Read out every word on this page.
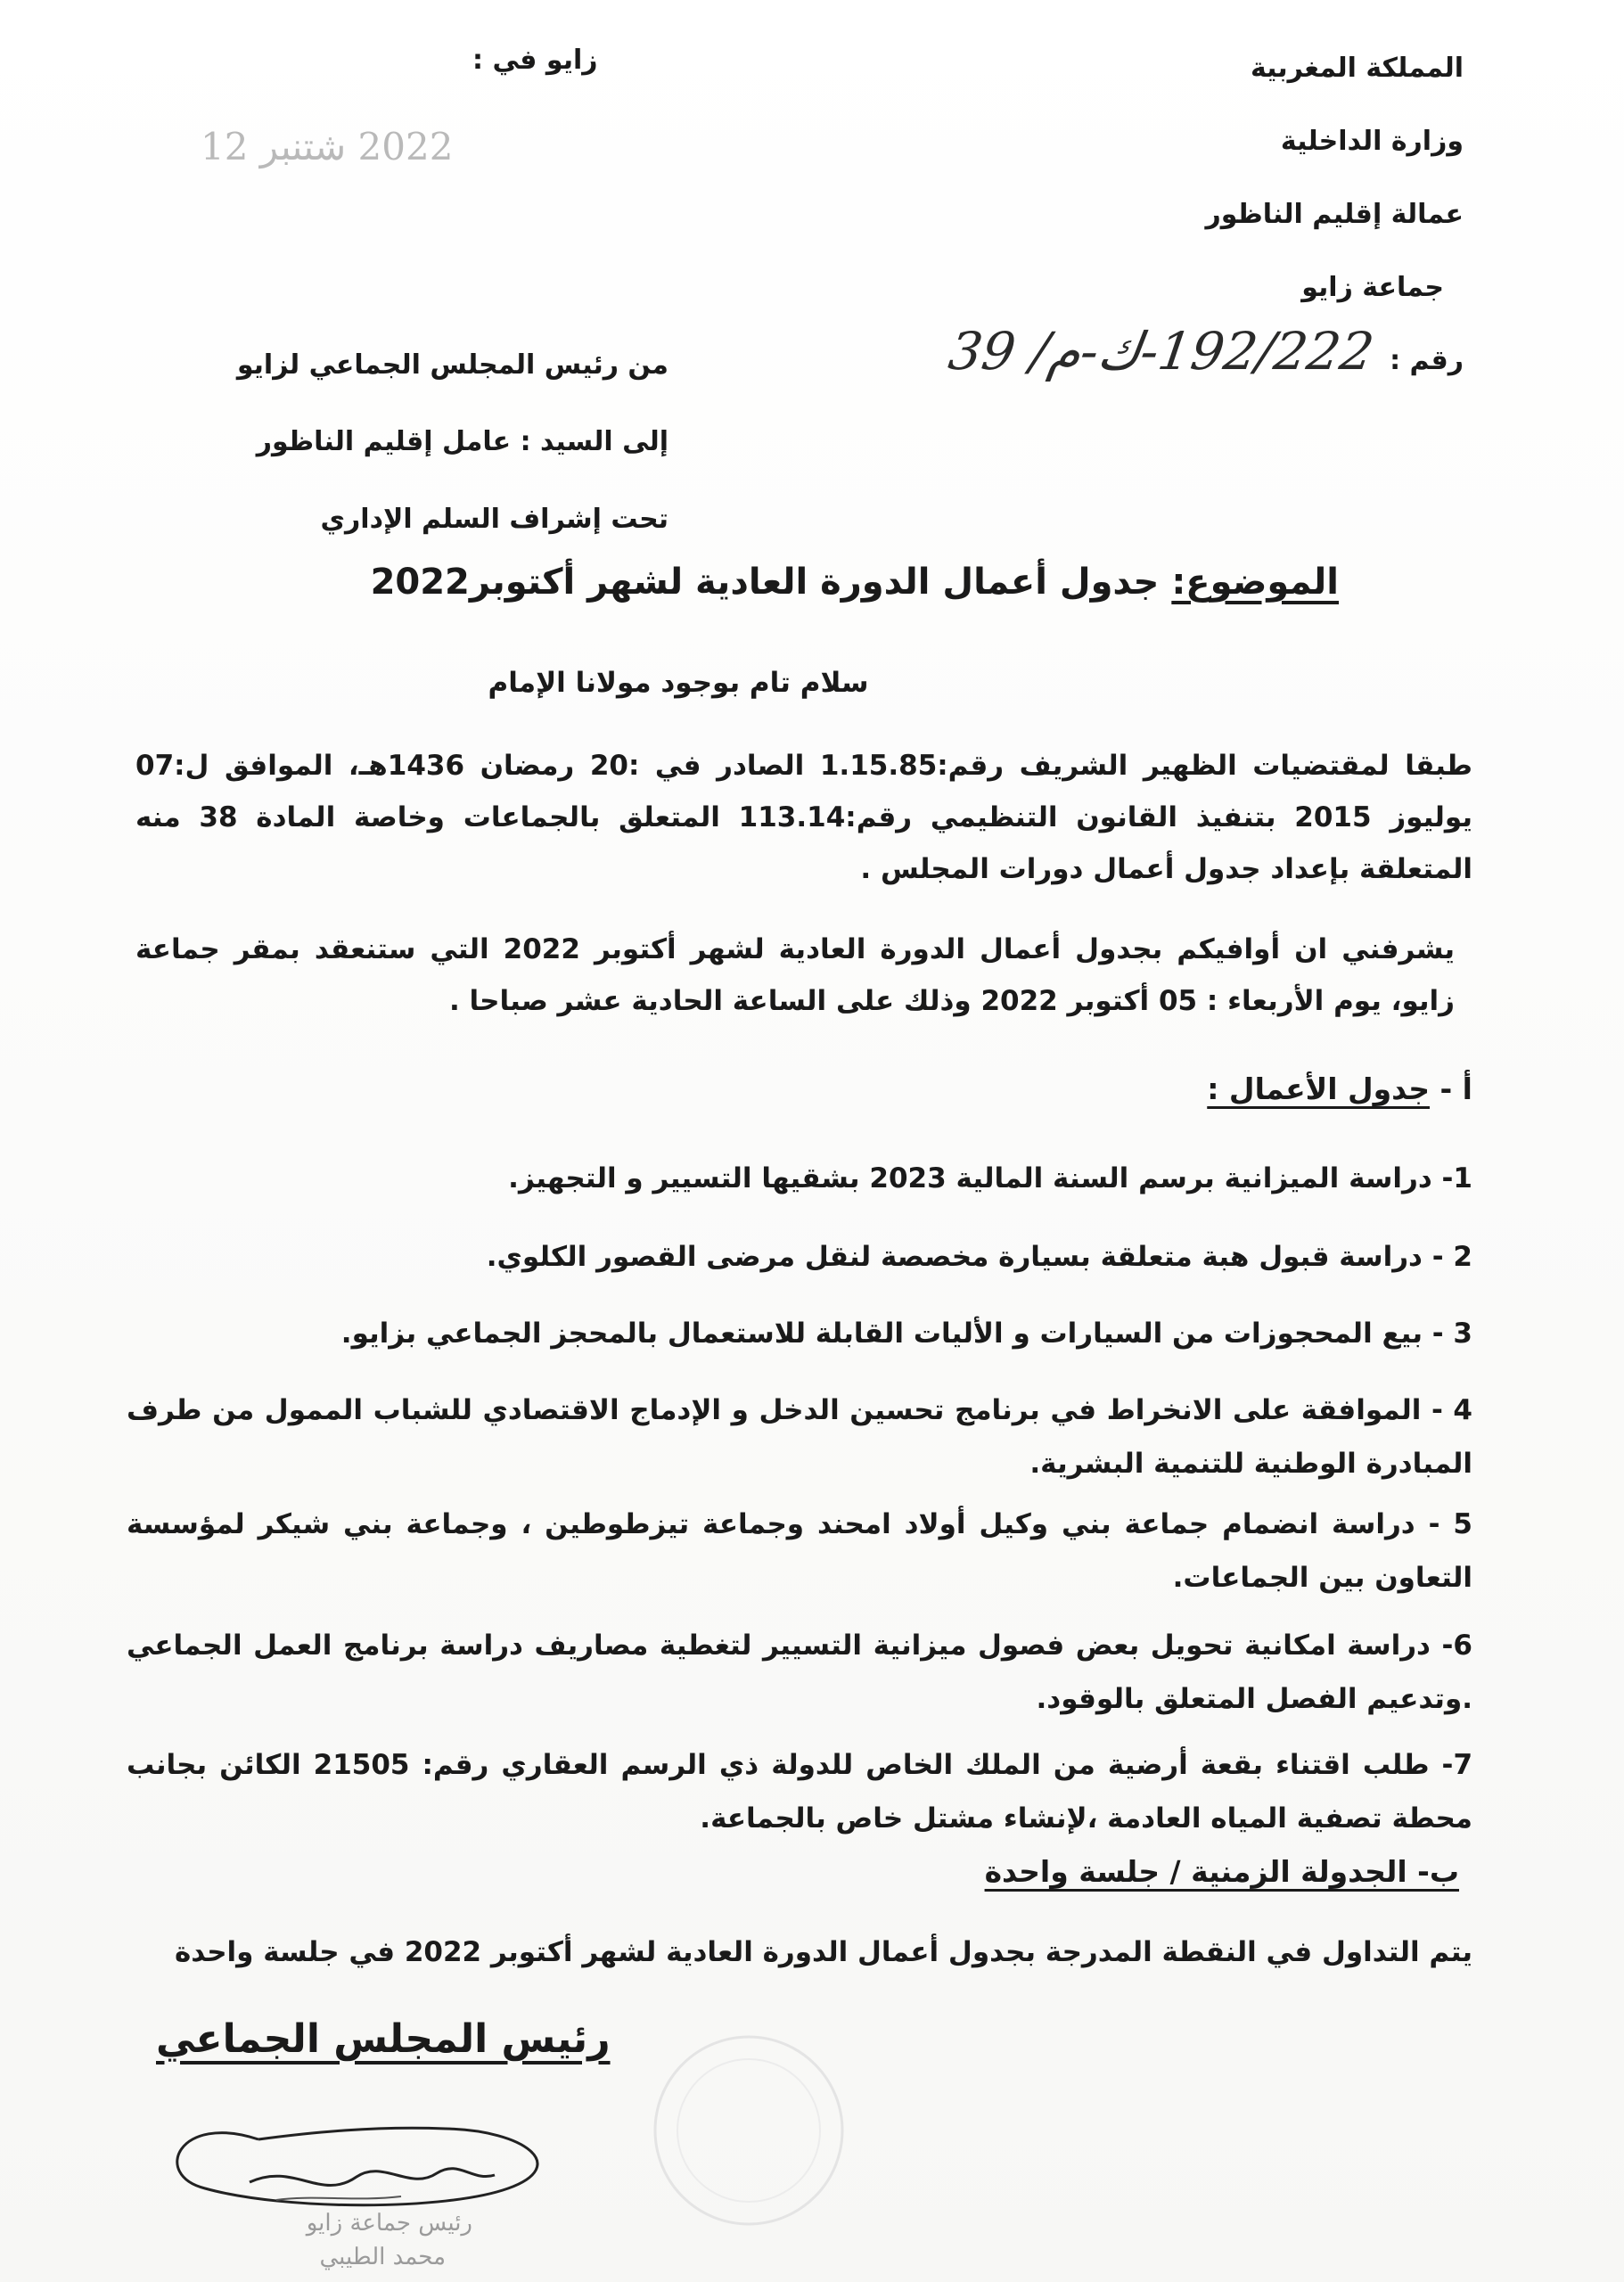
المملكة المغربية
وزارة الداخلية
عمالة إقليم الناظور
جماعة زايو
رقم : 192/222-ك-م/ 39
زايو في :
2022 شتنبر 12
من رئيس المجلس الجماعي لزايو
إلى السيد : عامل إقليم الناظور
تحت إشراف السلم الإداري
الموضوع: جدول أعمال الدورة العادية لشهر أكتوبر2022
سلام تام بوجود مولانا الإمام
طبقا لمقتضيات الظهير الشريف رقم:1.15.85 الصادر في :20 رمضان 1436هـ، الموافق ل:07 يوليوز 2015 بتنفيذ القانون التنظيمي رقم:113.14 المتعلق بالجماعات وخاصة المادة 38 منه المتعلقة بإعداد جدول أعمال دورات المجلس .
يشرفني ان أوافيكم بجدول أعمال الدورة العادية لشهر أكتوبر 2022 التي ستنعقد بمقر جماعة زايو، يوم الأربعاء : 05 أكتوبر 2022 وذلك على الساعة الحادية عشر صباحا .
أ - جدول الأعمال :
1- دراسة الميزانية برسم السنة المالية 2023 بشقيها التسيير و التجهيز.
2 - دراسة قبول هبة متعلقة بسيارة مخصصة لنقل مرضى القصور الكلوي.
3 - بيع المحجوزات من السيارات و الأليات القابلة للاستعمال بالمحجز الجماعي بزايو.
4 - الموافقة على الانخراط في برنامج تحسين الدخل و الإدماج الاقتصادي للشباب الممول من طرف المبادرة الوطنية للتنمية البشرية.
5 - دراسة انضمام جماعة بني وكيل أولاد امحند وجماعة تيزطوطين ، وجماعة بني شيكر لمؤسسة التعاون بين الجماعات.
6- دراسة امكانية تحويل بعض فصول ميزانية التسيير لتغطية مصاريف دراسة برنامج العمل الجماعي .وتدعيم الفصل المتعلق بالوقود.
7- طلب اقتناء بقعة أرضية من الملك الخاص للدولة ذي الرسم العقاري رقم: 21505 الكائن بجانب محطة تصفية المياه العادمة ،لإنشاء مشتل خاص بالجماعة.
ب- الجدولة الزمنية / جلسة واحدة
يتم التداول في النقطة المدرجة بجدول أعمال الدورة العادية لشهر أكتوبر 2022 في جلسة واحدة
رئيس المجلس الجماعي
رئيس جماعة زايو
محمد الطيبي
